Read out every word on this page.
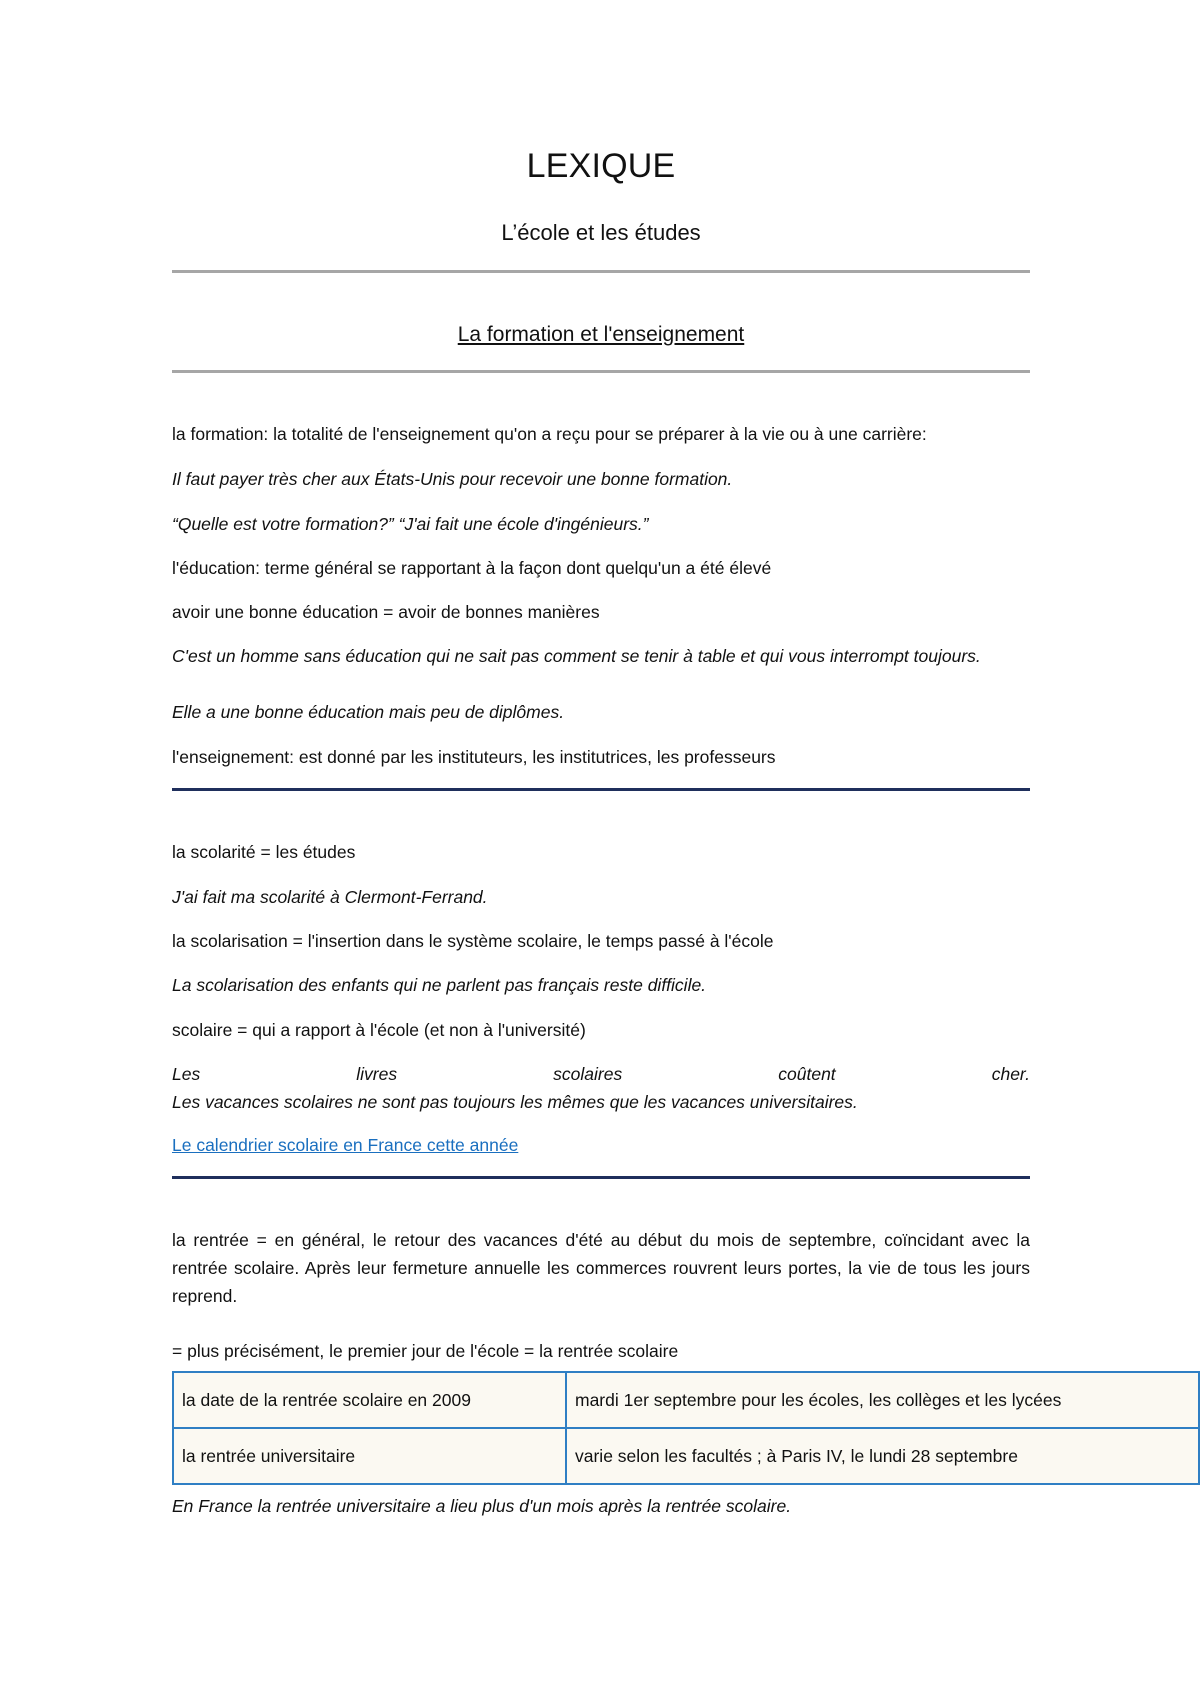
LEXIQUE
L’école et les études
La formation et l'enseignement

la formation: la totalité de l'enseignement qu'on a reçu pour se préparer à la vie ou à une carrière:

Il faut payer très cher aux États-Unis pour recevoir une bonne formation.

“Quelle est votre formation?” “J'ai fait une école d'ingénieurs.”

l'éducation: terme général se rapportant à la façon dont quelqu'un a été élevé

avoir une bonne éducation = avoir de bonnes manières

C'est un homme sans éducation qui ne sait pas comment se tenir à table et qui vous interrompt toujours.

Elle a une bonne éducation mais peu de diplômes.

l'enseignement: est donné par les instituteurs, les institutrices, les professeurs

la scolarité = les études

J'ai fait ma scolarité à Clermont-Ferrand.

la scolarisation = l'insertion dans le système scolaire, le temps passé à l'école

La scolarisation des enfants qui ne parlent pas français reste difficile.

scolaire = qui a rapport à l'école (et non à l'université)

Les	livres	scolaires	coûtent	cher.

Les vacances scolaires ne sont pas toujours les mêmes que les vacances universitaires.

Le calendrier scolaire en France cette année

la rentrée = en général, le retour des vacances d'été au début du mois de septembre, coïncidant avec la rentrée scolaire. Après leur fermeture annuelle les commerces rouvrent leurs portes, la vie de tous les jours reprend.

= plus précisément, le premier jour de l'école = la rentrée scolaire

la date de la rentrée scolaire en 2009	mardi 1er septembre pour les écoles, les collèges et les lycées
la rentrée universitaire	varie selon les facultés ; à Paris IV, le lundi 28 septembre

En France la rentrée universitaire a lieu plus d'un mois après la rentrée scolaire.
